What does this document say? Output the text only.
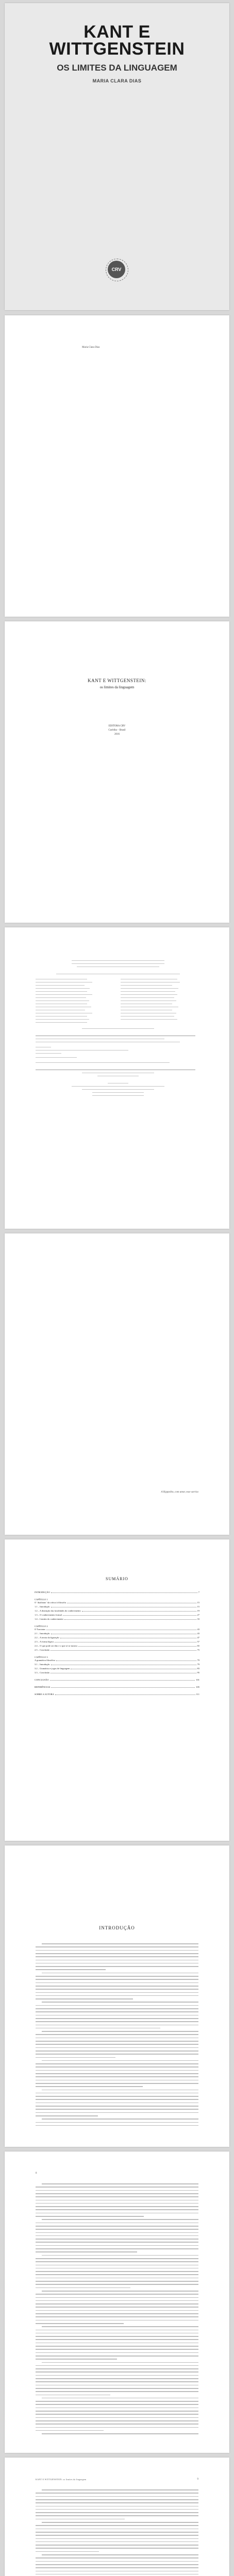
KANT E
WITTGENSTEIN
OS LIMITES DA LINGUAGEM
MARIA CLARA DIAS
CRV
Maria Clara Dias
KANT E WITTGENSTEIN:
os limites da linguagem
EDITORA CRV
Curitiba – Brasil
2016
A Hyppolito, com amor, esse sorriso
SUMÁRIO
INTRODUÇÃO	7
CAPÍTULO 1
O ¨dualismo¨ da crítica à filosofia	15
1.1 – Introdução	15
1.2 – A distinção das faculdades do conhecimento	19
1.3 – O conhecimento formal	27
1.4 – Limites do conhecimento	33
CAPÍTULO 2
O Tractatus	43
2.1 – Introdução	43
2.2 – A teoria da figuração	47
2.3 – A forma lógica	57
2.4 – O que pode ser dito e o que só se mostra	65
2.5 – Conclusão	75
CAPÍTULO 3
A gramática filosófica	79
3.1 – Introdução	79
3.2 – Gramática e jogos de linguagem	83
3.3 – Conclusão	95
CONCLUSÃO	101
REFERÊNCIAS	105
SOBRE A AUTORA	111
INTRODUÇÃO
8
KANT E WITTGENSTEIN: os limites da linguagem	9
